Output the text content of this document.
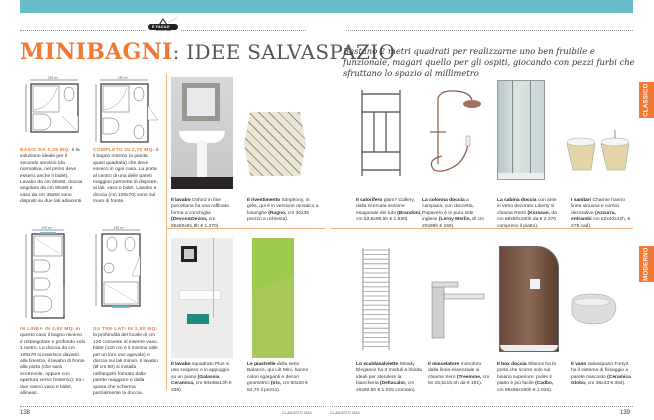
È FACILE
PROGETTARE
MINIBAGNI: IDEE SALVASPAZIO
Bastano 2 metri quadrati per realizzarne uno ben fruibile e funzionale, magari quello per gli ospiti, giocando con pezzi furbi che sfruttano lo spazio al millimetro
150 cm
BASIC DA 2,25 MQ: è la soluzione ideale per il secondo servizio (da normativa, nel primo deve esserci anche il bidet). Lavabo da cm 60x50, doccia angolare da cm 80x80 e vaso da cm 35x50 sono disposti su due lati adiacenti.
150 cm
COMPLETO IN 2,70 MQ: è il bagno minimo (a pianta quasi quadrata) che deve esserci in ogni casa. La porta al centro di una delle pareti maggiori permette di disporre, ai lati, vaso e bidet. Lavabo e doccia (cm 100x70) sono sul muro di fronte.
100 cm
IN LINEA IN 2,60 MQ: in questo caso il bagno minimo è rettangolare e profondo solo 1 metro. La doccia da cm 100x70 si inserisce davanti alla finestra, il lavabo di fronte alla porta (che sarà scorrevole, oppure con apertura verso l'esterno); tra i due vanno vaso e bidet, allineati.
120 cm
SU TRE LATI IN 2,80 MQ: la profondità del locale di cm 120 consente di inserire vaso, bidet (120 cm è il minimo utile per un loro uso agevole) e doccia sui lati minori. Il lavabo (Ø cm 50) si installa nell'angolo formato dalla parete maggiore e dalla quinta che scherma parzialmente la doccia.
Il lavabo Oxford in fine porcellana ha una raffinata forma a conchiglia (Devon&Devon, cm 65x50x91,5h € 1.270).
Il rivestimento Simphony, in grès, qui è in versione mosaico a losanghe (Ragno, cm 30x35 prezzo a richiesta).
Il lavabo squadrato Plus si usa sospeso o in appoggio su un piano (Galassia Ceramica, cm 60x48x13h € 338).
Le piastrelle della serie Balance, qui Lilt Mini, hanno colori sgarganti e decori geometrici (Iris, cm 60x20 € 54,70 il pezzo).
Il calorifero glam? Gallery, dalla ricercata sezione esagonale dei tubi (Brandoni, cm 52,8x99,6h € 1.830).
La colonna doccia a campana, con doccetta, Papavero è in puro stile inglese (Leroy Merlin, Ø cm 20x98h € 159).
La cabina doccia con ante in vetro decorato Liberty si chiama Retrò (Korasan, da cm 88x80x180h da € 2.370 compreso il piatto).
I sanitari Charme hanno linea sinuosa e cornici decorative (Azzurra, entrambi cm 52x40x42h, € 279 cad).
Lo scaldasalviette Steady Elegance ha 3 moduli a ribalta ideali per stendere la biancheria (Deltacalor, cm 46x90,5h € 1.025 cromato).
Il miscelatore monoforo dalla linea essenziale si chiama Xero (Treemme, cm 5x 15,5x15,4h da € 191).
Il box doccia Silanus ha la porta che scorre solo sul binario superiore: pulire il piatto è più facile (Cadbo, cm 96x96x190h € 2.025).
Il vaso salvaspazio Forty3 ha il sistema di fissaggio a parete nascosto (Ceramica Globo, cm 36x43 € 354).
CLASSICO
MODERNO
138	CL AGOSTO 2014	CL AGOSTO 2014	139
